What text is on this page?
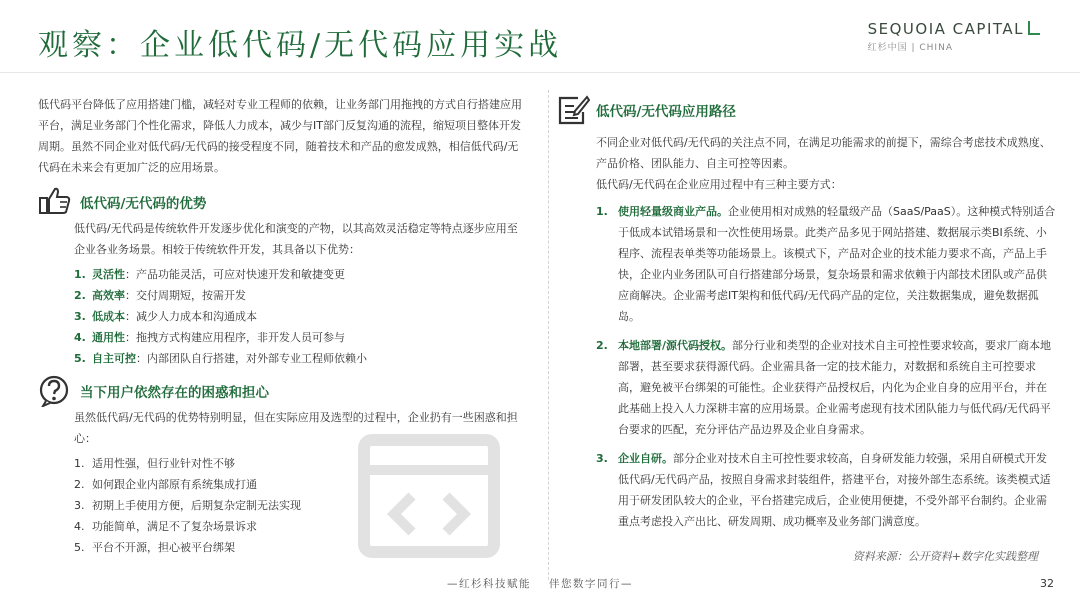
观察：企业低代码/无代码应用实战	SEQUOIA CAPITAL
红杉中国 | CHINA

低代码平台降低了应用搭建门槛，减轻对专业工程师的依赖，让业务部门用拖拽的方式自行搭建应用平台，满足业务部门个性化需求，降低人力成本，减少与IT部门反复沟通的流程，缩短项目整体开发周期。虽然不同企业对低代码/无代码的接受程度不同，随着技术和产品的愈发成熟，相信低代码/无代码在未来会有更加广泛的应用场景。

低代码/无代码的优势

低代码/无代码是传统软件开发逐步优化和演变的产物，以其高效灵活稳定等特点逐步应用至企业各业务场景。相较于传统软件开发，其具备以下优势：

1. 灵活性：产品功能灵活，可应对快速开发和敏捷变更
2. 高效率：交付周期短，按需开发
3. 低成本：减少人力成本和沟通成本
4. 通用性：拖拽方式构建应用程序，非开发人员可参与
5. 自主可控：内部团队自行搭建，对外部专业工程师依赖小
当下用户依然存在的困惑和担心

虽然低代码/无代码的优势特别明显，但在实际应用及选型的过程中，企业扔有一些困惑和担心：

1. 适用性强，但行业针对性不够
2. 如何跟企业内部原有系统集成打通
3. 初期上手使用方便，后期复杂定制无法实现
4. 功能简单，满足不了复杂场景诉求
5. 平台不开源，担心被平台绑架
低代码/无代码应用路径

不同企业对低代码/无代码的关注点不同，在满足功能需求的前提下，需综合考虑技术成熟度、产品价格、团队能力、自主可控等因素。

低代码/无代码在企业应用过程中有三种主要方式：

1. 使用轻量级商业产品。企业使用相对成熟的轻量级产品（SaaS/PaaS）。这种模式特别适合于低成本试错场景和一次性使用场景。此类产品多见于网站搭建、数据展示类BI系统、小程序、流程表单类等功能场景上。该模式下，产品对企业的技术能力要求不高，产品上手快，企业内业务团队可自行搭建部分场景，复杂场景和需求依赖于内部技术团队或产品供应商解决。企业需考虑IT架构和低代码/无代码产品的定位，关注数据集成，避免数据孤岛。
2. 本地部署/源代码授权。部分行业和类型的企业对技术自主可控性要求较高，要求厂商本地部署，甚至要求获得源代码。企业需具备一定的技术能力，对数据和系统自主可控要求高，避免被平台绑架的可能性。企业获得产品授权后，内化为企业自身的应用平台，并在此基础上投入人力深耕丰富的应用场景。企业需考虑现有技术团队能力与低代码/无代码平台要求的匹配，充分评估产品边界及企业自身需求。
3. 企业自研。部分企业对技术自主可控性要求较高，自身研发能力较强，采用自研模式开发低代码/无代码产品，按照自身需求封装组件，搭建平台，对接外部生态系统。该类模式适用于研发团队较大的企业，平台搭建完成后，企业使用便捷，不受外部平台制约。企业需重点考虑投入产出比、研发周期、成功概率及业务部门满意度。
资料来源：公开资料+数字化实践整理
—红杉科技赋能 伴您数字同行—	32
